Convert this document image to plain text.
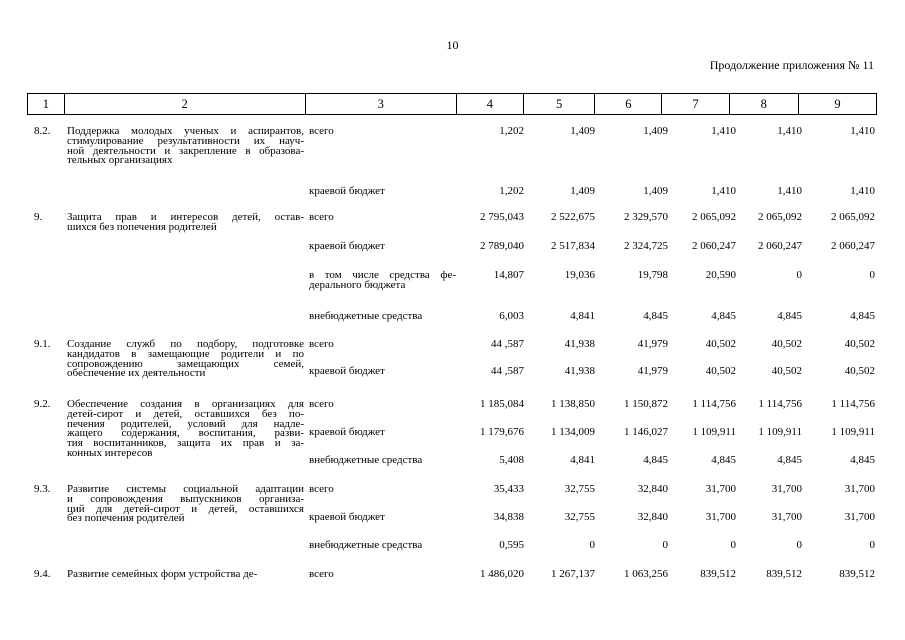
10
Продолжение приложения № 11
1	2	3	4	5	6	7	8	9
8.2. Поддержка молодых ученых и аспирантов,
стимулирование результативности их науч-
ной деятельности и закрепление в образова-
тельных организациях
всего	1,202	1,409	1,409	1,410	1,410	1,410
краевой бюджет	1,202	1,409	1,409	1,410	1,410	1,410
9. Защита прав и интересов детей, остав-
шихся без попечения родителей
всего	2 795,043	2 522,675	2 329,570	2 065,092	2 065,092	2 065,092
краевой бюджет	2 789,040	2 517,834	2 324,725	2 060,247	2 060,247	2 060,247
в том числе средства фе-
дерального бюджета
14,807	19,036	19,798	20,590	0	0
внебюджетные средства	6,003	4,841	4,845	4,845	4,845	4,845
9.1. Создание служб по подбору, подготовке
кандидатов в замещающие родители и по
сопровождению замещающих семей,
обеспечение их деятельности
всего	44 ,587	41,938	41,979	40,502	40,502	40,502
краевой бюджет	44 ,587	41,938	41,979	40,502	40,502	40,502
9.2. Обеспечение создания в организациях для
детей-сирот и детей, оставшихся без по-
печения родителей, условий для надле-
жащего содержания, воспитания, разви-
тия воспитанников, защита их прав и за-
конных интересов
всего	1 185,084	1 138,850	1 150,872	1 114,756	1 114,756	1 114,756
краевой бюджет	1 179,676	1 134,009	1 146,027	1 109,911	1 109,911	1 109,911
внебюджетные средства	5,408	4,841	4,845	4,845	4,845	4,845
9.3. Развитие системы социальной адаптации
и сопровождения выпускников организа-
ций для детей-сирот и детей, оставшихся
без попечения родителей
всего	35,433	32,755	32,840	31,700	31,700	31,700
краевой бюджет	34,838	32,755	32,840	31,700	31,700	31,700
внебюджетные средства	0,595	0	0	0	0	0
9.4. Развитие семейных форм устройства де-	всего	1 486,020	1 267,137	1 063,256	839,512	839,512	839,512
